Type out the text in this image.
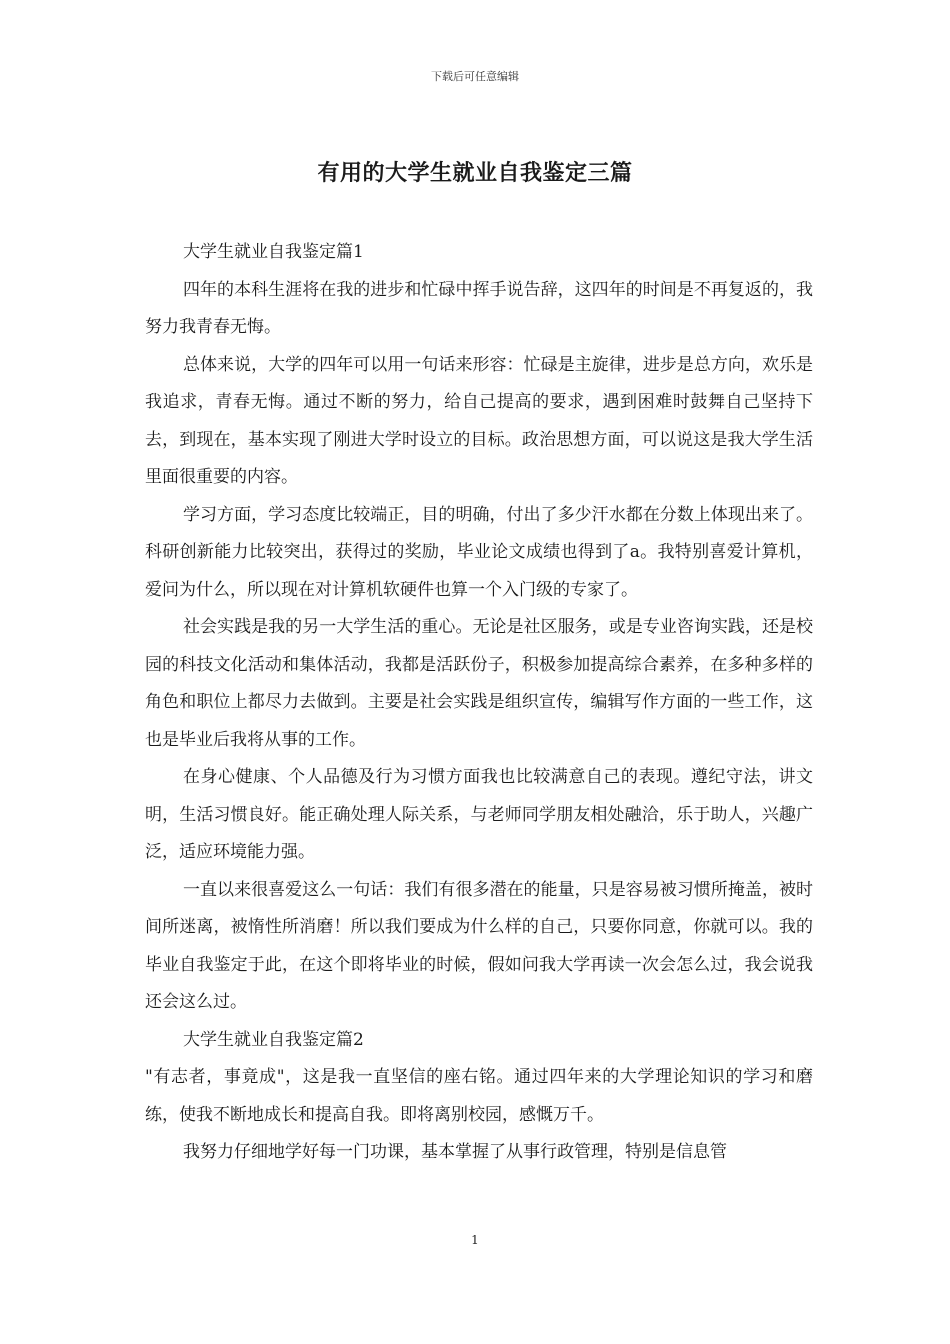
下载后可任意编辑
有用的大学生就业自我鉴定三篇

大学生就业自我鉴定篇1

四年的本科生涯将在我的进步和忙碌中挥手说告辞，这四年的时间是不再复返的，我努力我青春无悔。

总体来说，大学的四年可以用一句话来形容：忙碌是主旋律，进步是总方向，欢乐是我追求，青春无悔。通过不断的努力，给自己提高的要求，遇到困难时鼓舞自己坚持下去，到现在，基本实现了刚进大学时设立的目标。政治思想方面，可以说这是我大学生活里面很重要的内容。

学习方面，学习态度比较端正，目的明确，付出了多少汗水都在分数上体现出来了。科研创新能力比较突出，获得过的奖励，毕业论文成绩也得到了a。我特别喜爱计算机，爱问为什么，所以现在对计算机软硬件也算一个入门级的专家了。

社会实践是我的另一大学生活的重心。无论是社区服务，或是专业咨询实践，还是校园的科技文化活动和集体活动，我都是活跃份子，积极参加提高综合素养，在多种多样的角色和职位上都尽力去做到。主要是社会实践是组织宣传，编辑写作方面的一些工作，这也是毕业后我将从事的工作。

在身心健康、个人品德及行为习惯方面我也比较满意自己的表现。遵纪守法，讲文明，生活习惯良好。能正确处理人际关系，与老师同学朋友相处融洽，乐于助人，兴趣广泛，适应环境能力强。

一直以来很喜爱这么一句话：我们有很多潜在的能量，只是容易被习惯所掩盖，被时间所迷离，被惰性所消磨！所以我们要成为什么样的自己，只要你同意，你就可以。我的毕业自我鉴定于此，在这个即将毕业的时候，假如问我大学再读一次会怎么过，我会说我还会这么过。

大学生就业自我鉴定篇2

"有志者，事竟成"，这是我一直坚信的座右铭。通过四年来的大学理论知识的学习和磨练，使我不断地成长和提高自我。即将离别校园，感慨万千。

我努力仔细地学好每一门功课，基本掌握了从事行政管理，特别是信息管

1
